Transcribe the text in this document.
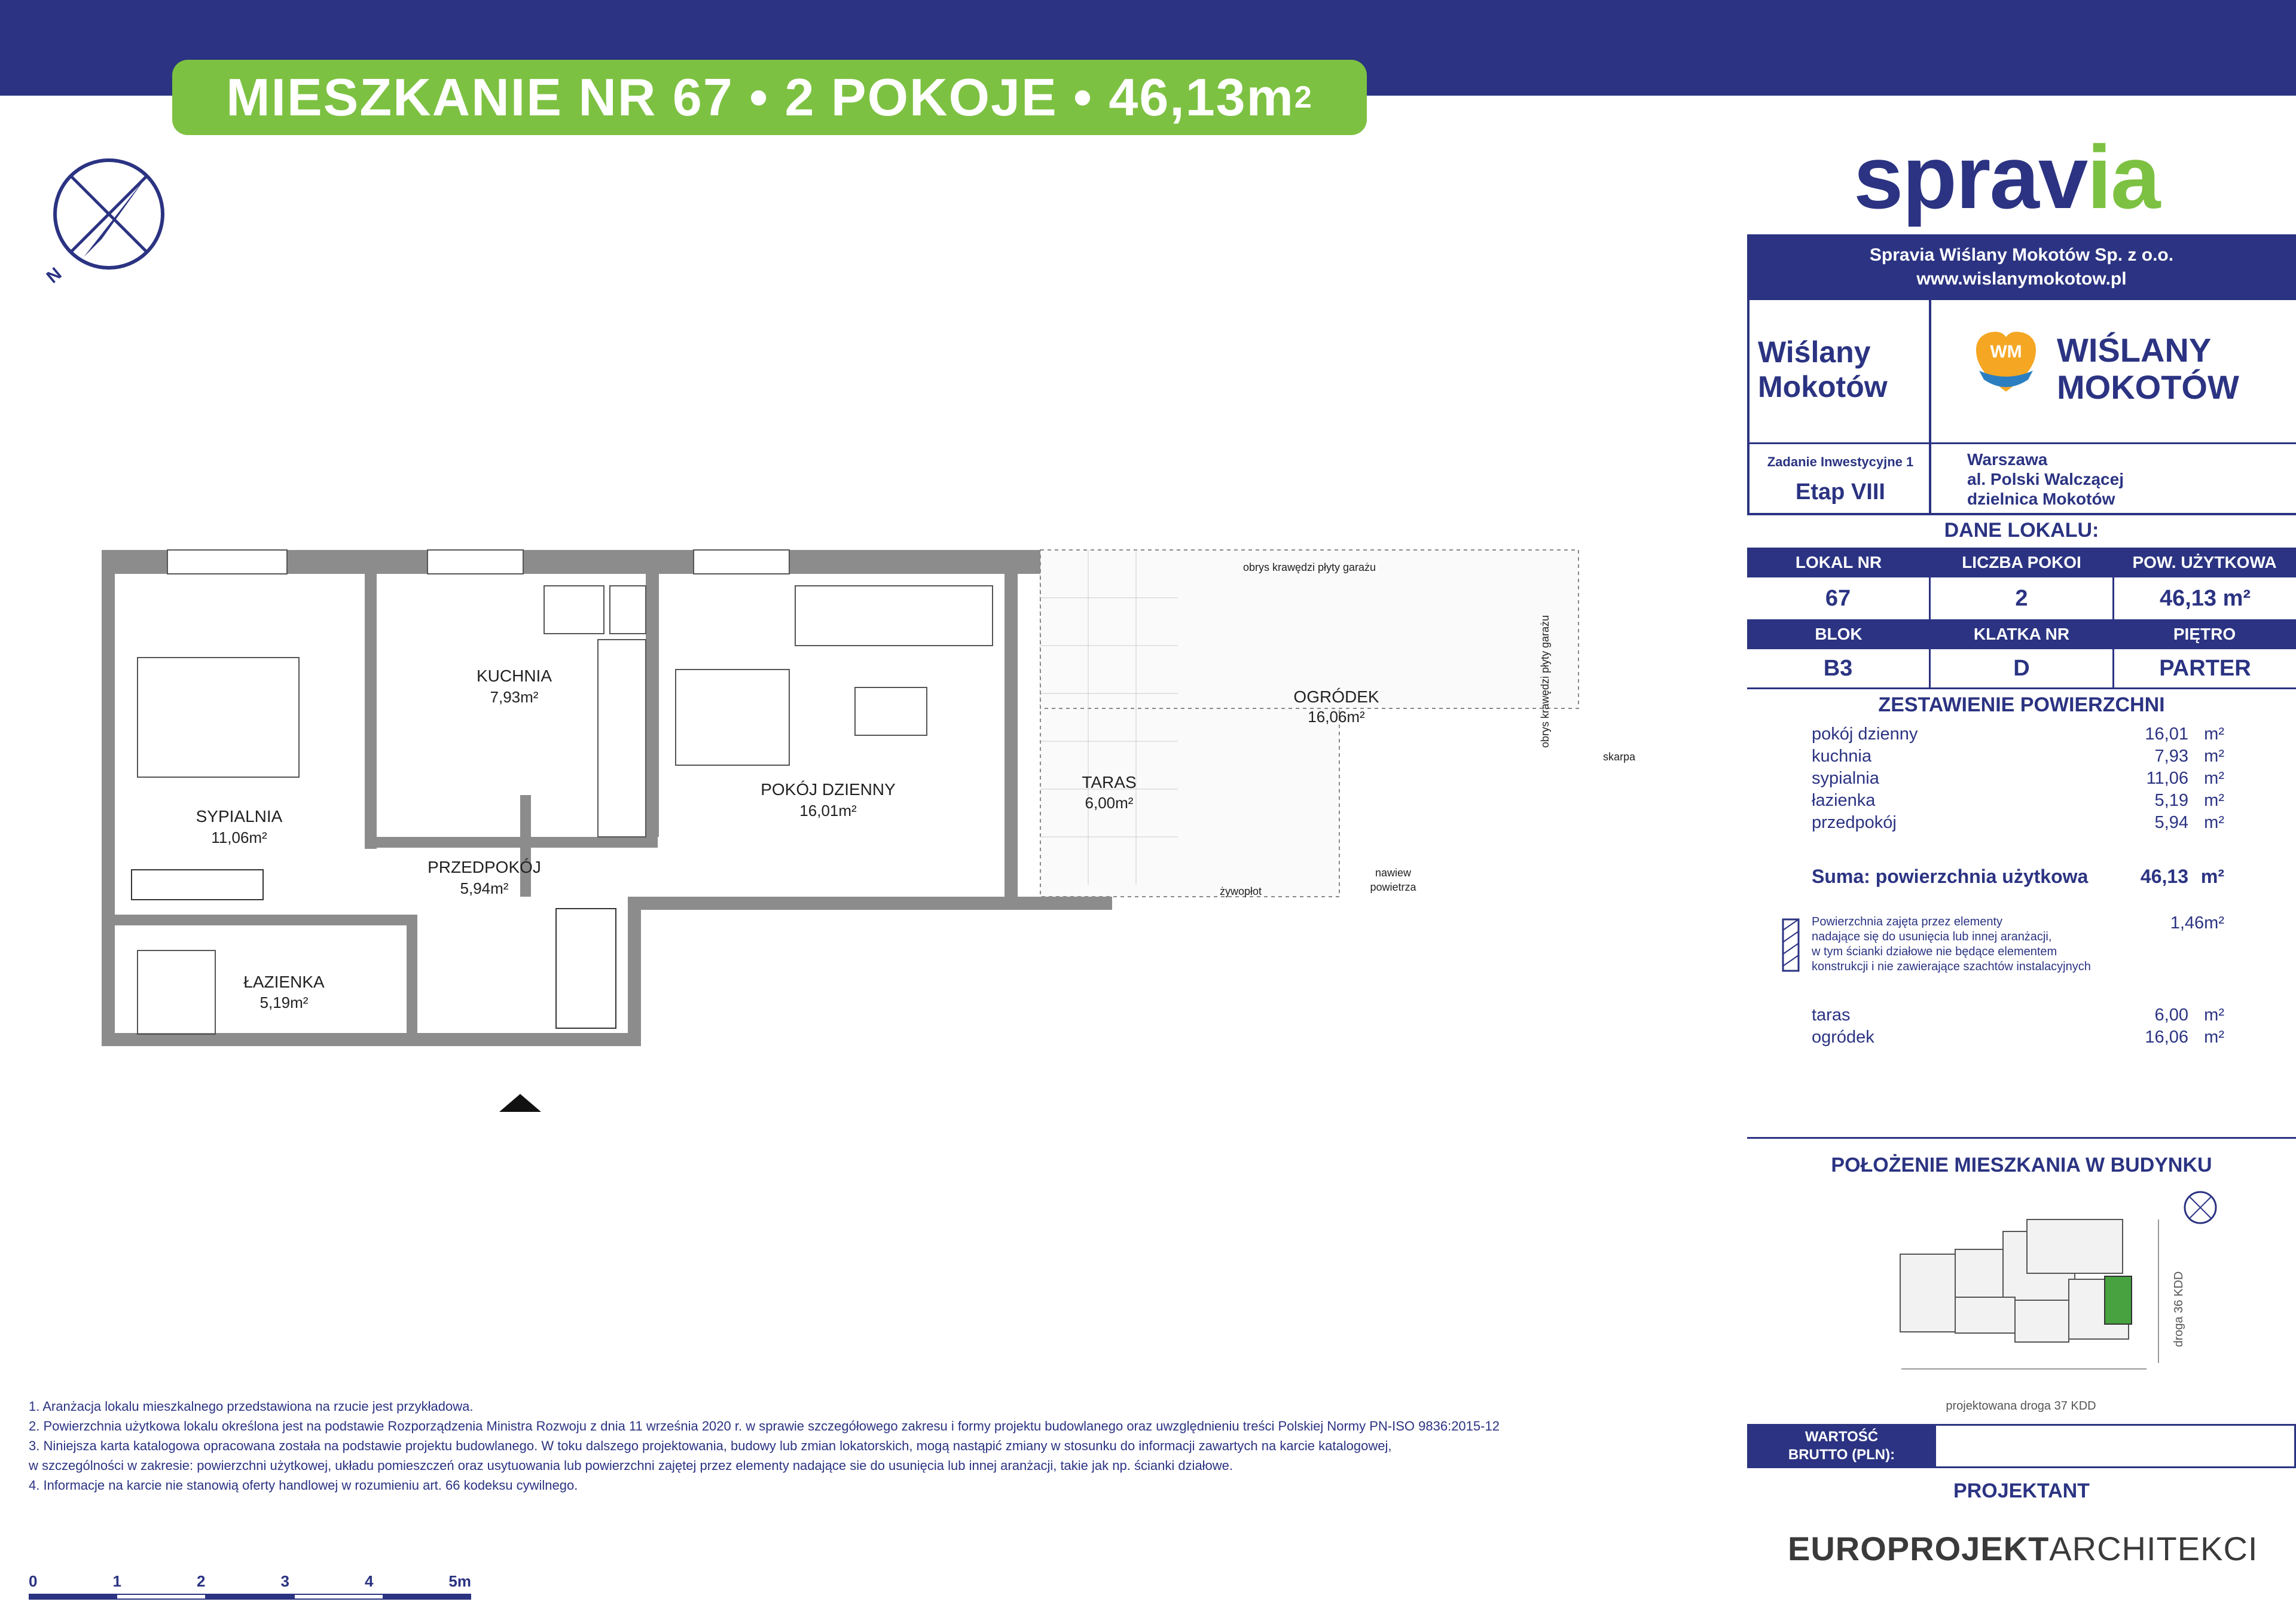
MIESZKANIE NR 67 • 2 POKOJE • 46,13m 2
N
spravia
Spravia Wiślany Mokotów Sp. z o.o.
www.wislanymokotow.pl
Wiślany
Mokotów
WM WIŚLANY
MOKOTÓW
Zadanie Inwestycyjne 1
Etap VIII
Warszawa
al. Polski Walczącej
dzielnica Mokotów
DANE LOKALU:
LOKAL NR	LICZBA POKOI	POW. UŻYTKOWA
67	2	46,13 m²
BLOK	KLATKA NR	PIĘTRO
B3	D	PARTER
ZESTAWIENIE POWIERZCHNI
pokój dzienny	16,01 m²
kuchnia	7,93 m²
sypialnia	11,06 m²
łazienka	5,19 m²
przedpokój	5,94 m²
Suma: powierzchnia użytkowa	46,13 m²
Powierzchnia zajęta przez elementy
nadające się do usunięcia lub innej aranżacji,
w tym ścianki działowe nie będące elementem
konstrukcji i nie zawierające szachtów instalacyjnych
1,46m²
taras	6,00 m²
ogródek	16,06 m²
POŁOŻENIE MIESZKANIA W BUDYNKU
projektowana droga 37 KDD
droga 36 KDD
WARTOŚĆ
BRUTTO (PLN):
PROJEKTANT
EUROPROJEKTARCHITEKCI
KUCHNIA
7,93m²
SYPIALNIA
11,06m²
POKÓJ DZIENNY
16,01m²
PRZEDPOKÓJ
5,94m²
ŁAZIENKA
5,19m²
TARAS
6,00m²
OGRÓDEK
16,06m²
obrys krawędzi płyty garażu
obrys krawędzi płyty garażu
żywopłot
nawiew
powietrza
skarpa
1. Aranżacja lokalu mieszkalnego przedstawiona na rzucie jest przykładowa.
2. Powierzchnia użytkowa lokalu określona jest na podstawie Rozporządzenia Ministra Rozwoju z dnia 11 września 2020 r. w sprawie szczegółowego zakresu i formy projektu budowlanego oraz uwzględnieniu treści Polskiej Normy PN-ISO 9836:2015-12
3. Niniejsza karta katalogowa opracowana została na podstawie projektu budowlanego. W toku dalszego projektowania, budowy lub zmian lokatorskich, mogą nastąpić zmiany w stosunku do informacji zawartych na karcie katalogowej,
w szczególności w zakresie: powierzchni użytkowej, układu pomieszczeń oraz usytuowania lub powierzchni zajętej przez elementy nadające sie do usunięcia lub innej aranżacji, takie jak np. ścianki działowe.
4. Informacje na karcie nie stanowią oferty handlowej w rozumieniu art. 66 kodeksu cywilnego.
0	1	2	3	4	5m
